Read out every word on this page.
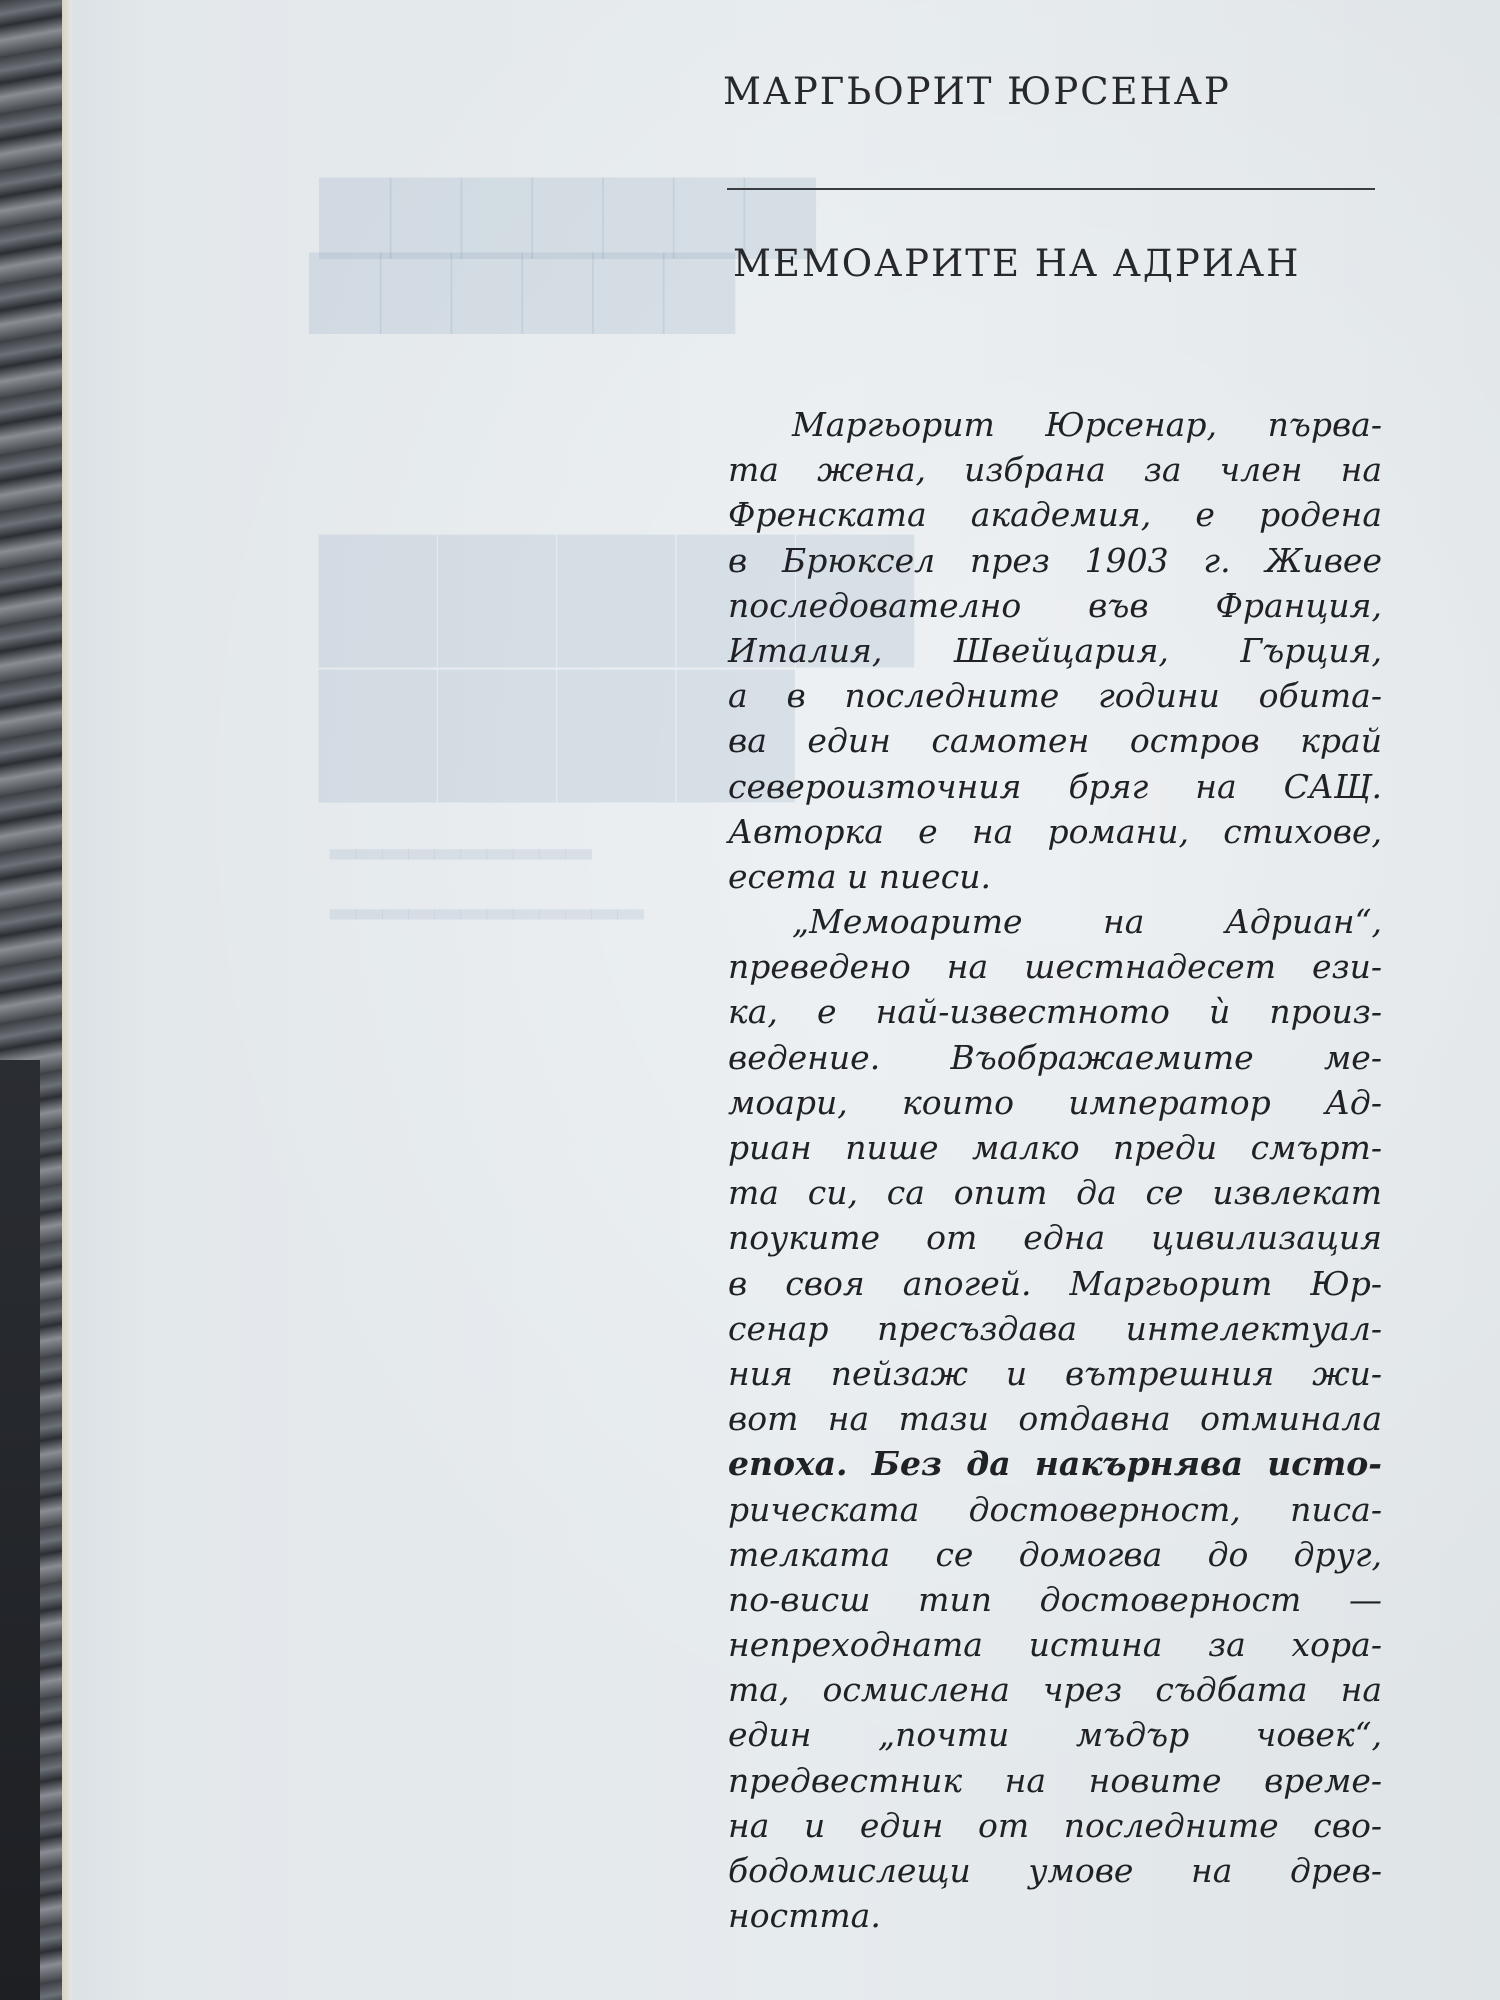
▆▆▆▆▆▆▆
▆▆▆▆▆▆
▆▆▆▆▆
▆▆▆▆
▂▂▂▂▂▂▂▂▂▂
▂▂▂▂▂▂▂▂▂▂▂▂
МАРГЬОРИТ ЮРСЕНАР
МЕМОАРИТЕ НА АДРИАН
Маргьорит Юрсенар, първа-
та жена, избрана за член на
Френската академия, е родена
в Брюксел през 1903 г. Живее
последователно във Франция,
Италия, Швейцария, Гърция,
а в последните години обита-
ва един самотен остров край
североизточния бряг на САЩ.
Авторка е на романи, стихове,
есета и пиеси.
„Мемоарите на Адриан“,
преведено на шестнадесет ези-
ка, е най-известното ѝ произ-
ведение. Въображаемите ме-
моари, които император Ад-
риан пише малко преди смърт-
та си, са опит да се извлекат
поуките от една цивилизация
в своя апогей. Маргьорит Юр-
сенар пресъздава интелектуал-
ния пейзаж и вътрешния жи-
вот на тази отдавна отминала
епоха. Без да накърнява исто-
рическата достоверност, писа-
телката се домогва до друг,
по-висш тип достоверност —
непреходната истина за хора-
та, осмислена чрез съдбата на
един „почти мъдър човек“,
предвестник на новите време-
на и един от последните сво-
бодомислещи умове на древ-
ността.
